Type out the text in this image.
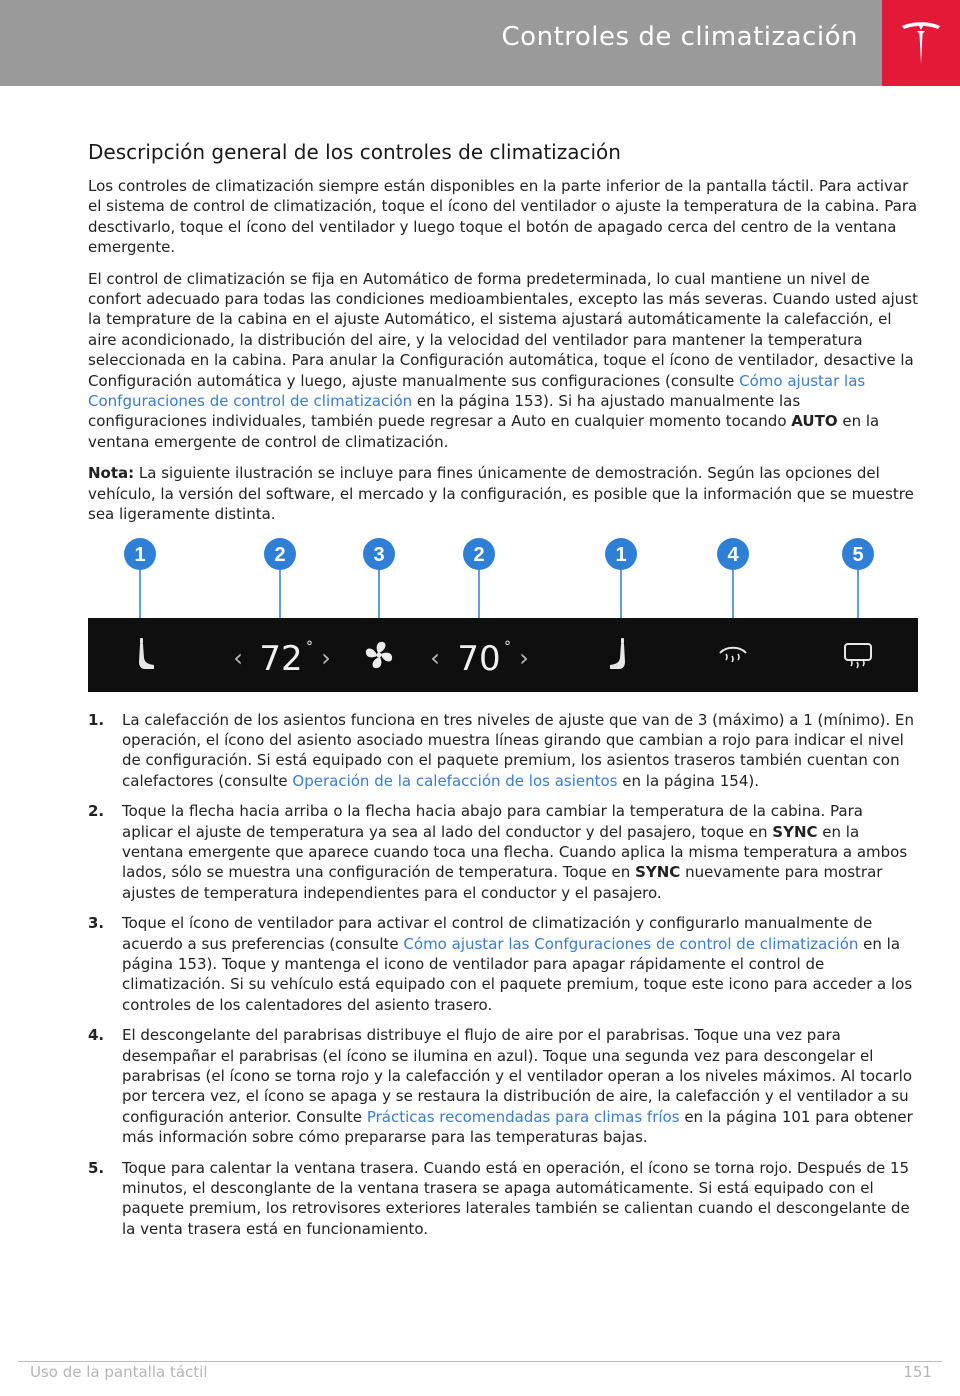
Controles de climatización
Descripción general de los controles de climatización

Los controles de climatización siempre están disponibles en la parte inferior de la pantalla táctil. Para activar el sistema de control de climatización, toque el ícono del ventilador o ajuste la temperatura de la cabina. Para desctivarlo, toque el ícono del ventilador y luego toque el botón de apagado cerca del centro de la ventana emergente.

El control de climatización se fija en Automático de forma predeterminada, lo cual mantiene un nivel de confort adecuado para todas las condiciones medioambientales, excepto las más severas. Cuando usted ajust la temprature de la cabina en el ajuste Automático, el sistema ajustará automáticamente la calefacción, el aire acondicionado, la distribución del aire, y la velocidad del ventilador para mantener la temperatura seleccionada en la cabina. Para anular la Configuración automática, toque el ícono de ventilador, desactive la Configuración automática y luego, ajuste manualmente sus configuraciones (consulte Cómo ajustar las Confguraciones de control de climatización en la página 153). Si ha ajustado manualmente las configuraciones individuales, también puede regresar a Auto en cualquier momento tocando AUTO en la ventana emergente de control de climatización.

Nota: La siguiente ilustración se incluye para fines únicamente de demostración. Según las opciones del vehículo, la versión del software, el mercado y la configuración, es posible que la información que se muestre sea ligeramente distinta.

1	2	3	2	1	4	5
‹ 72 ° ›	‹ 70 ° ›
1. La calefacción de los asientos funciona en tres niveles de ajuste que van de 3 (máximo) a 1 (mínimo). En operación, el ícono del asiento asociado muestra líneas girando que cambian a rojo para indicar el nivel de configuración. Si está equipado con el paquete premium, los asientos traseros también cuentan con calefactores (consulte Operación de la calefacción de los asientos en la página 154).
2. Toque la flecha hacia arriba o la flecha hacia abajo para cambiar la temperatura de la cabina. Para aplicar el ajuste de temperatura ya sea al lado del conductor y del pasajero, toque en SYNC en la ventana emergente que aparece cuando toca una flecha. Cuando aplica la misma temperatura a ambos lados, sólo se muestra una configuración de temperatura. Toque en SYNC nuevamente para mostrar ajustes de temperatura independientes para el conductor y el pasajero.
3. Toque el ícono de ventilador para activar el control de climatización y configurarlo manualmente de acuerdo a sus preferencias (consulte Cómo ajustar las Confguraciones de control de climatización en la página 153). Toque y mantenga el icono de ventilador para apagar rápidamente el control de climatización. Si su vehículo está equipado con el paquete premium, toque este icono para acceder a los controles de los calentadores del asiento trasero.
4. El descongelante del parabrisas distribuye el flujo de aire por el parabrisas. Toque una vez para desempañar el parabrisas (el ícono se ilumina en azul). Toque una segunda vez para descongelar el parabrisas (el ícono se torna rojo y la calefacción y el ventilador operan a los niveles máximos. Al tocarlo por tercera vez, el ícono se apaga y se restaura la distribución de aire, la calefacción y el ventilador a su configuración anterior. Consulte Prácticas recomendadas para climas fríos en la página 101 para obtener más información sobre cómo prepararse para las temperaturas bajas.
5. Toque para calentar la ventana trasera. Cuando está en operación, el ícono se torna rojo. Después de 15 minutos, el desconglante de la ventana trasera se apaga automáticamente. Si está equipado con el paquete premium, los retrovisores exteriores laterales también se calientan cuando el descongelante de la venta trasera está en funcionamiento.
Uso de la pantalla táctil	151
